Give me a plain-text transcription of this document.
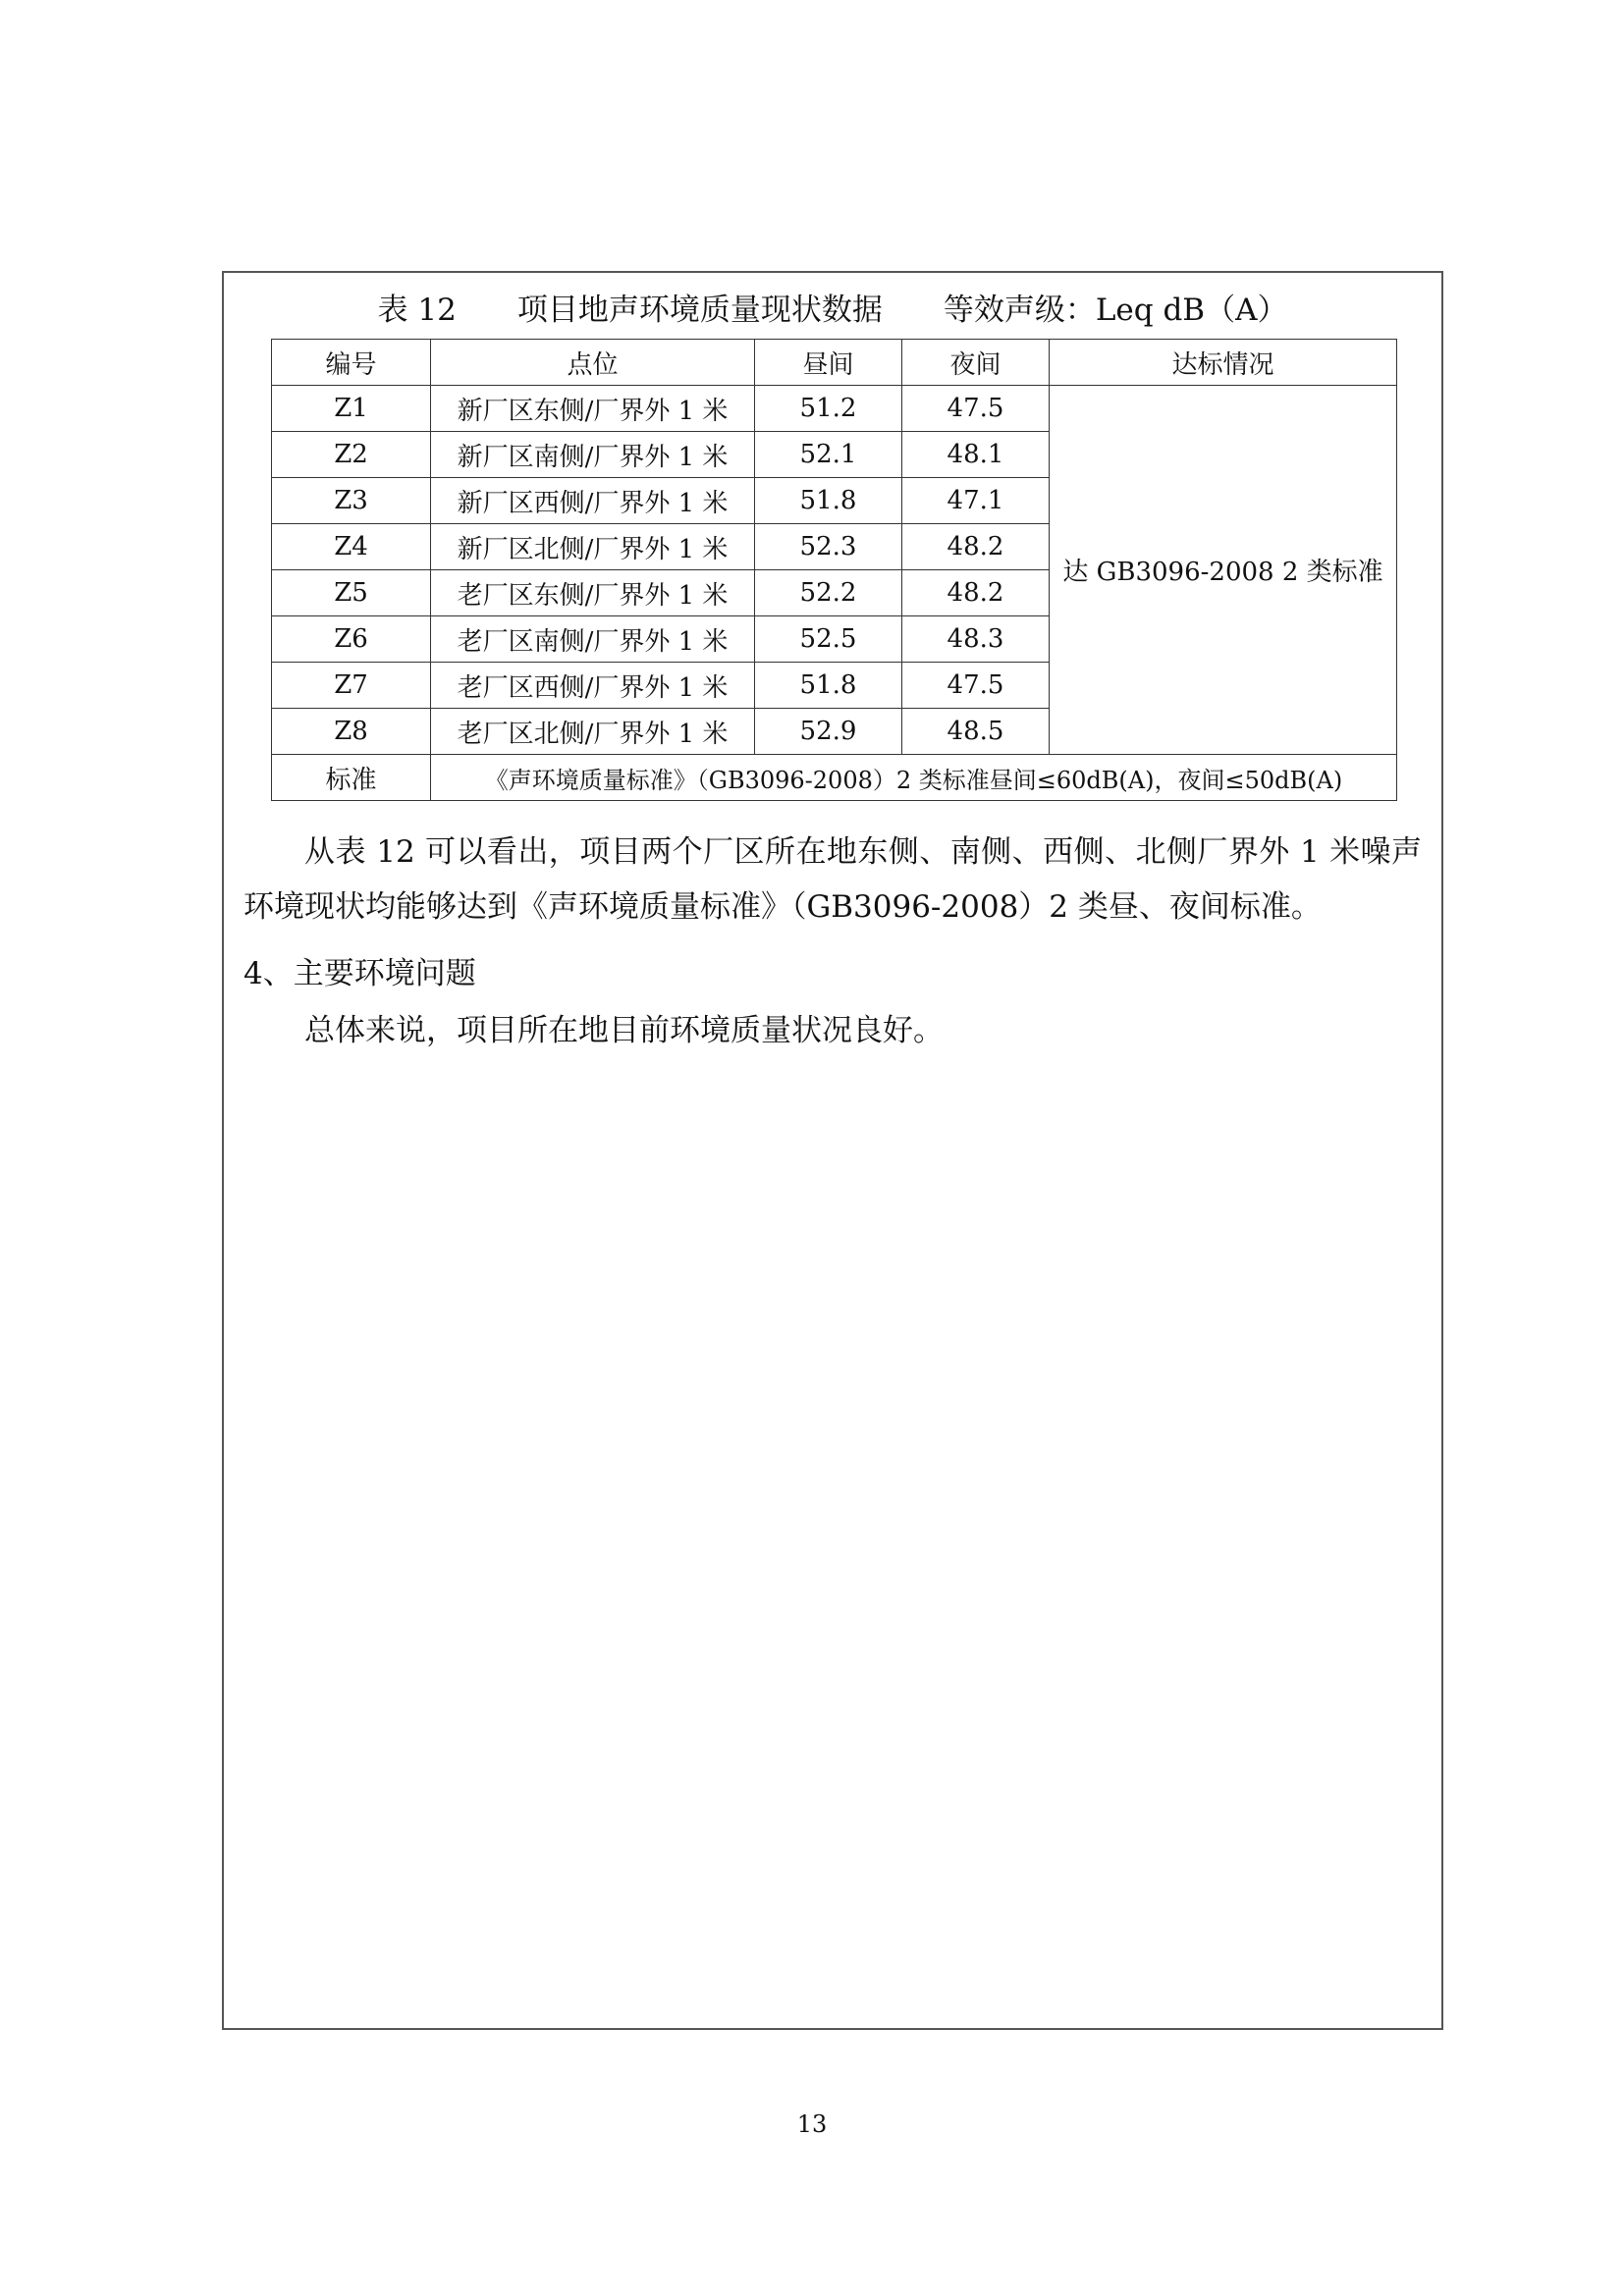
表 12　　项目地声环境质量现状数据　　等效声级：Leq dB（A）
编号	点位	昼间	夜间	达标情况
Z1	新厂区东侧/厂界外 1 米	51.2	47.5	达 GB3096-2008 2 类标准
Z2	新厂区南侧/厂界外 1 米	52.1	48.1	
Z3	新厂区西侧/厂界外 1 米	51.8	47.1	
Z4	新厂区北侧/厂界外 1 米	52.3	48.2	
Z5	老厂区东侧/厂界外 1 米	52.2	48.2	
Z6	老厂区南侧/厂界外 1 米	52.5	48.3	
Z7	老厂区西侧/厂界外 1 米	51.8	47.5	
Z8	老厂区北侧/厂界外 1 米	52.9	48.5	
标准	《声环境质量标准》（GB3096-2008）2 类标准昼间≤60dB(A)，夜间≤50dB(A)			
从表 12 可以看出，项目两个厂区所在地东侧、南侧、西侧、北侧厂界外 1 米噪声环境现状均能够达到《声环境质量标准》（GB3096-2008）2 类昼、夜间标准。
4、主要环境问题
总体来说，项目所在地目前环境质量状况良好。
13
